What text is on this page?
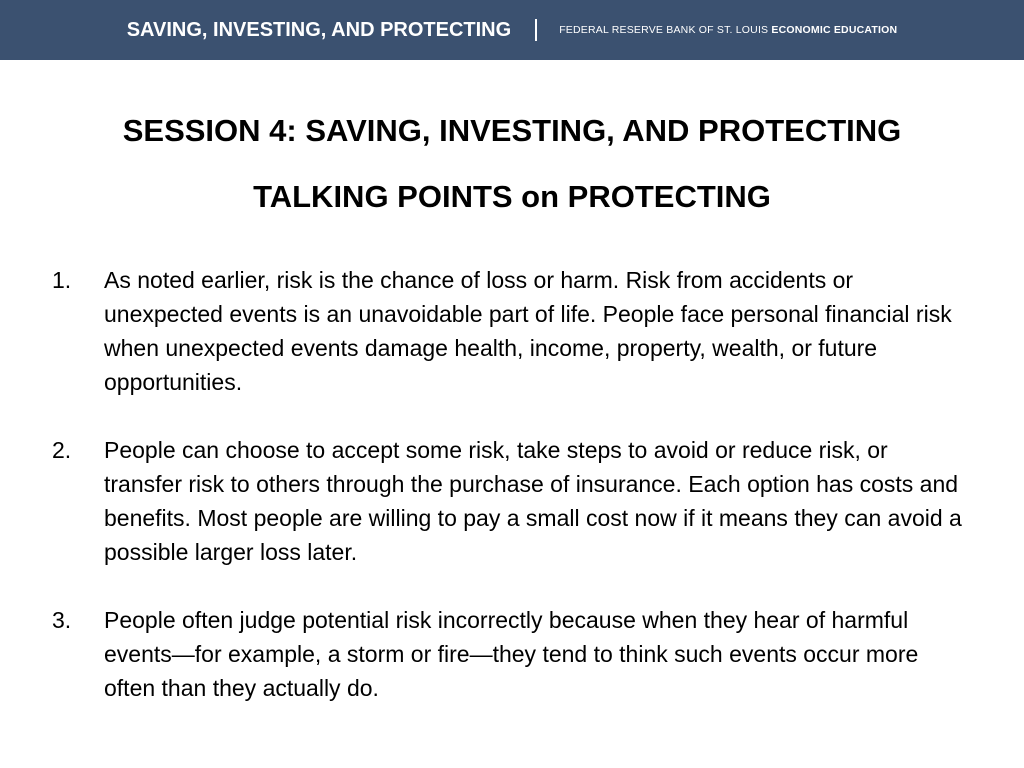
SAVING, INVESTING, AND PROTECTING	FEDERAL RESERVE BANK OF ST. LOUIS ECONOMIC EDUCATION
SESSION 4: SAVING, INVESTING, AND PROTECTING
TALKING POINTS on PROTECTING
1. As noted earlier, risk is the chance of loss or harm. Risk from accidents or unexpected events is an unavoidable part of life. People face personal financial risk when unexpected events damage health, income, property, wealth, or future opportunities.
2. People can choose to accept some risk, take steps to avoid or reduce risk, or transfer risk to others through the purchase of insurance. Each option has costs and benefits. Most people are willing to pay a small cost now if it means they can avoid a possible larger loss later.
3. People often judge potential risk incorrectly because when they hear of harmful events—for example, a storm or fire—they tend to think such events occur more often than they actually do.
